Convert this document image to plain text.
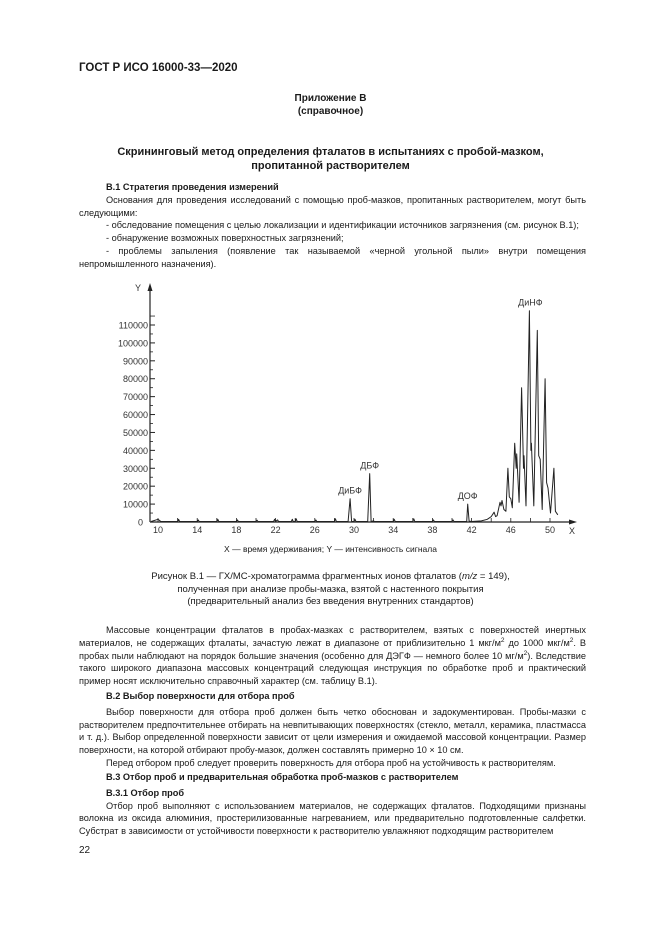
ГОСТ Р ИСО 16000-33—2020
Приложение В
(справочное)
Скрининговый метод определения фталатов в испытаниях с пробой-мазком,
пропитанной растворителем

В.1 Стратегия проведения измерений

Основания для проведения исследований с помощью проб-мазков, пропитанных растворителем, могут быть следующими:

- обследование помещения с целью локализации и идентификации источников загрязнения (см. рисунок В.1);

- обнаружение возможных поверхностных загрязнений;

- проблемы запыления (появление так называемой «черной угольной пыли» внутри помещения непромышленного назначения).

Y
X
0
10000
20000
30000
40000
50000
60000
70000
80000
90000
100000
110000
10	14	18	22	26	30	34	38	42	46	50
ДиБФ
ДБФ
ДОФ
ДиНФ
X — время удерживания; Y — интенсивность сигнала
Рисунок В.1 — ГХ/МС-хроматограмма фрагментных ионов фталатов (m/z = 149),
полученная при анализе пробы-мазка, взятой с настенного покрытия
(предварительный анализ без введения внутренних стандартов)

Массовые концентрации фталатов в пробах-мазках с растворителем, взятых с поверхностей инертных материалов, не содержащих фталаты, зачастую лежат в диапазоне от приблизительно 1 мкг/$м^2$ до 1000 мкг/$м^2$. В пробах пыли наблюдают на порядок большие значения (особенно для ДЭГФ — немного более 10 $мг/м^2$). Вследствие такого широкого диапазона массовых концентраций следующая инструкция по обработке проб и практический пример носят исключительно справочный характер (см. таблицу В.1).

В.2 Выбор поверхности для отбора проб

Выбор поверхности для отбора проб должен быть четко обоснован и задокументирован. Пробы-мазки с растворителем предпочтительнее отбирать на невпитывающих поверхностях (стекло, металл, керамика, пластмасса и т. д.). Выбор определенной поверхности зависит от цели измерения и ожидаемой массовой концентрации. Размер поверхности, на которой отбирают пробу-мазок, должен составлять примерно 10 × 10 см.

Перед отбором проб следует проверить поверхность для отбора проб на устойчивость к растворителям.

В.3 Отбор проб и предварительная обработка проб-мазков с растворителем

В.3.1 Отбор проб

Отбор проб выполняют с использованием материалов, не содержащих фталатов. Подходящими признаны волокна из оксида алюминия, простерилизованные нагреванием, или предварительно подготовленные салфетки. Субстрат в зависимости от устойчивости поверхности к растворителю увлажняют подходящим растворителем

22
